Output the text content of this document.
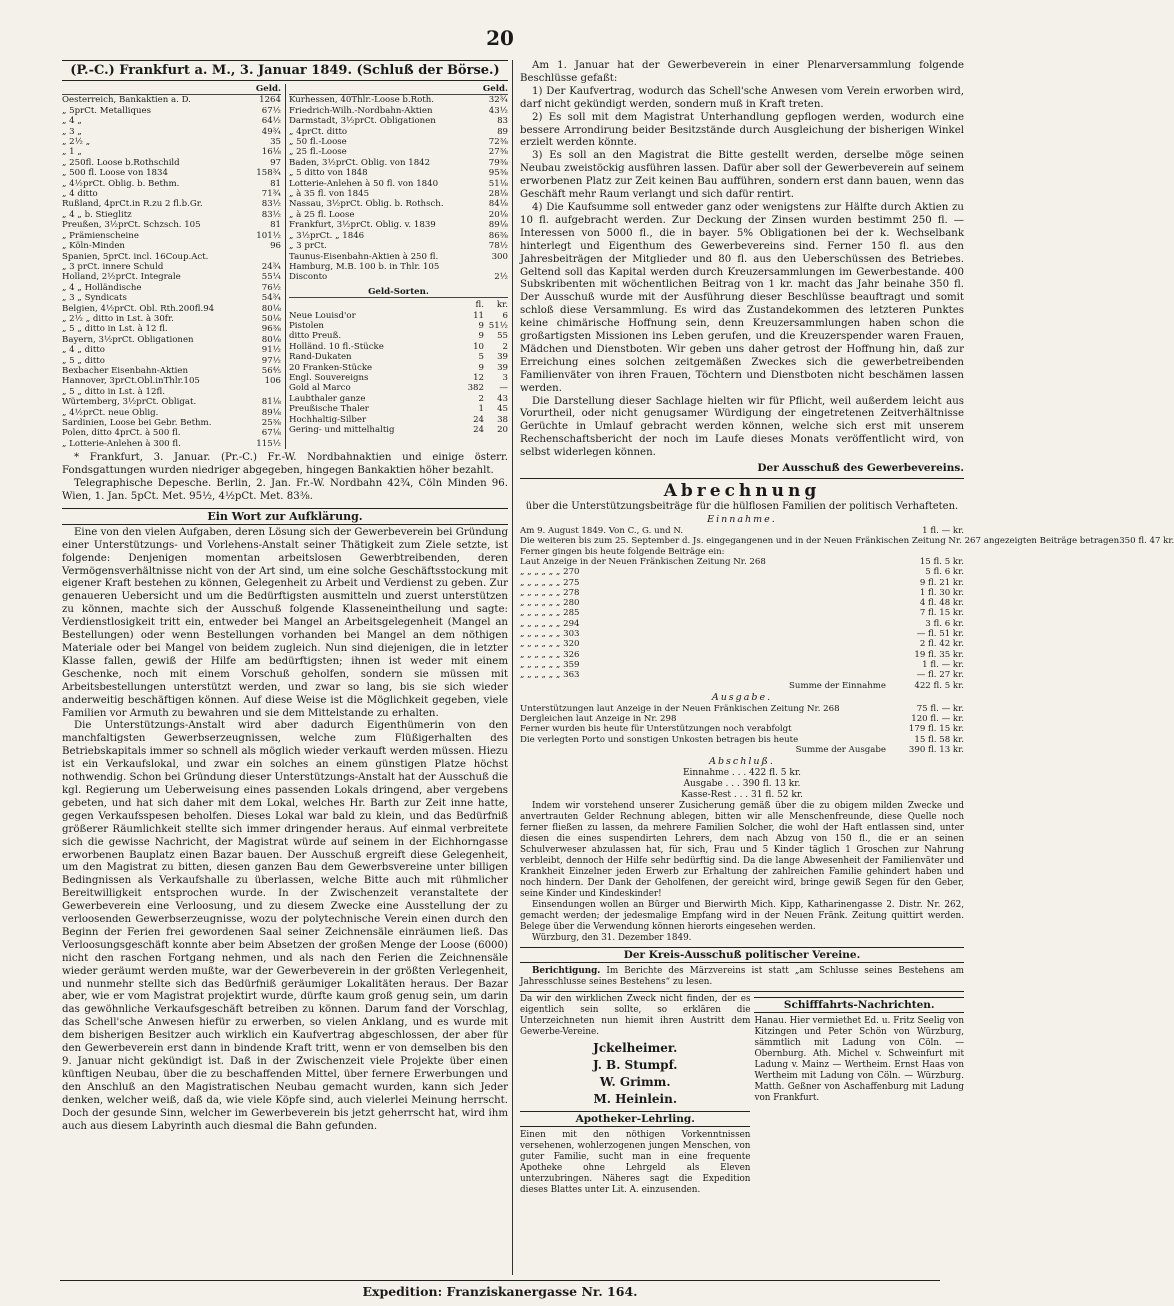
20
(P.-C.) Frankfurt a. M., 3. Januar 1849. (Schluß der Börse.)
Geld.
Oesterreich, Bankaktien a. D.	1264
„ 5prCt. Metalliques	67½
„ 4 „	64½
„ 3 „	49¾
„ 2½ „	35
„ 1 „	16⅛
„ 250fl. Loose b.Rothschild	97
„ 500 fl. Loose von 1834	158¾
„ 4½prCt. Oblig. b. Bethm.	81
„ 4 ditto	71¾
Rußland, 4prCt.in R.zu 2 fl.b.Gr.	83½
„ 4 „ b. Stieglitz	83½
Preußen, 3½prCt. Schzsch. 105	81
„ Prämienscheine	101½
„ Köln-Minden	96
Spanien, 5prCt. incl. 16Coup.Act.
„ 3 prCt. innere Schuld	24¾
Holland, 2½prCt. Integrale	55¼
„ 4 „ Holländische	76½
„ 3 „ Syndicats	54¾
Belgien, 4½prCt. Obl. Rth.200fl.94	80⅛
„ 2½ „ ditto in Lst. à 30fr.	50⅛
„ 5 „ ditto in Lst. à 12 fl.	96⅜
Bayern, 3½prCt. Obligationen	80⅛
„ 4 „ ditto	91½
„ 5 „ ditto	97½
Bexbacher Eisenbahn-Aktien	56⅘
Hannover, 3prCt.Obl.inThlr.105	106
„ 5 „ ditto in Lst. à 12fl.
Würtemberg, 3½prCt. Obligat.	81⅛
„ 4½prCt. neue Oblig.	89⅛
Sardinien, Loose bei Gebr. Bethm.	25⅜
Polen, ditto 4prCt. à 500 fl.	67⅛
„ Lotterie-Anlehen à 300 fl.	115½
Geld.
Kurhessen, 40Thlr.-Loose b.Roth.	32¾
Friedrich-Wilh.-Nordbahn-Aktien	43½
Darmstadt, 3½prCt. Obligationen	83
„ 4prCt. ditto	89
„ 50 fl.-Loose	72⅜
„ 25 fl.-Loose	27⅜
Baden, 3½prCt. Oblig. von 1842	79⅜
„ 5 ditto von 1848	95⅜
Lotterie-Anlehen à 50 fl. von 1840	51⅛
„ à 35 fl. von 1845	28⅛
Nassau, 3½prCt. Oblig. b. Rothsch.	84⅛
„ à 25 fl. Loose	20⅛
Frankfurt, 3½prCt. Oblig. v. 1839	89⅛
„ 3½prCt. „ 1846	86⅜
„ 3 prCt.	78½
Taunus-Eisenbahn-Aktien à 250 fl.	300
Hamburg, M.B. 100 b. in Thlr. 105
Disconto	2½
Geld-Sorten.
fl.	kr.
Neue Louisd'or	11	6
Pistolen	9 51½
ditto Preuß.	9	55
Holländ. 10 fl.-Stücke	10	2
Rand-Dukaten	5	39
20 Franken-Stücke	9	39
Engl. Souvereigns	12	3
Gold al Marco	382	—
Laubthaler ganze	2	43
Preußische Thaler	1	45
Hochhaltig-Silber	24	38
Gering- und mittelhaltig	24	20

* Frankfurt, 3. Januar. (Pr.-C.) Fr.-W. Nordbahnaktien und einige österr. Fondsgattungen wurden niedriger abgegeben, hingegen Bankaktien höher bezahlt.

Telegraphische Depesche. Berlin, 2. Jan. Fr.-W. Nordbahn 42¾, Cöln Minden 96. Wien, 1. Jan. 5pCt. Met. 95½, 4½pCt. Met. 83⅜.

Ein Wort zur Aufklärung.

Eine von den vielen Aufgaben, deren Lösung sich der Gewerbeverein bei Gründung einer Unterstützungs- und Vorlehens-Anstalt seiner Thätigkeit zum Ziele setzte, ist folgende: Denjenigen momentan arbeitslosen Gewerbtreibenden, deren Vermögensverhältnisse nicht von der Art sind, um eine solche Geschäftsstockung mit eigener Kraft bestehen zu können, Gelegenheit zu Arbeit und Verdienst zu geben. Zur genaueren Uebersicht und um die Bedürftigsten ausmitteln und zuerst unterstützen zu können, machte sich der Ausschuß folgende Klasseneintheilung und sagte: Verdienstlosigkeit tritt ein, entweder bei Mangel an Arbeitsgelegenheit (Mangel an Bestellungen) oder wenn Bestellungen vorhanden bei Mangel an dem nöthigen Materiale oder bei Mangel von beidem zugleich. Nun sind diejenigen, die in letzter Klasse fallen, gewiß der Hilfe am bedürftigsten; ihnen ist weder mit einem Geschenke, noch mit einem Vorschuß geholfen, sondern sie müssen mit Arbeitsbestellungen unterstützt werden, und zwar so lang, bis sie sich wieder anderweitig beschäftigen können. Auf diese Weise ist die Möglichkeit gegeben, viele Familien vor Armuth zu bewahren und sie dem Mittelstande zu erhalten.

Die Unterstützungs-Anstalt wird aber dadurch Eigenthümerin von den manchfaltigsten Gewerbserzeugnissen, welche zum Flüßigerhalten des Betriebskapitals immer so schnell als möglich wieder verkauft werden müssen. Hiezu ist ein Verkaufslokal, und zwar ein solches an einem günstigen Platze höchst nothwendig. Schon bei Gründung dieser Unterstützungs-Anstalt hat der Ausschuß die kgl. Regierung um Ueberweisung eines passenden Lokals dringend, aber vergebens gebeten, und hat sich daher mit dem Lokal, welches Hr. Barth zur Zeit inne hatte, gegen Verkaufsspesen beholfen. Dieses Lokal war bald zu klein, und das Bedürfniß größerer Räumlichkeit stellte sich immer dringender heraus. Auf einmal verbreitete sich die gewisse Nachricht, der Magistrat würde auf seinem in der Eichhorngasse erworbenen Bauplatz einen Bazar bauen. Der Ausschuß ergreift diese Gelegenheit, um den Magistrat zu bitten, diesen ganzen Bau dem Gewerbsvereine unter billigen Bedingnissen als Verkaufshalle zu überlassen, welche Bitte auch mit rühmlicher Bereitwilligkeit entsprochen wurde. In der Zwischenzeit veranstaltete der Gewerbeverein eine Verloosung, und zu diesem Zwecke eine Ausstellung der zu verloosenden Gewerbserzeugnisse, wozu der polytechnische Verein einen durch den Beginn der Ferien frei gewordenen Saal seiner Zeichnensäle einräumen ließ. Das Verloosungsgeschäft konnte aber beim Absetzen der großen Menge der Loose (6000) nicht den raschen Fortgang nehmen, und als nach den Ferien die Zeichnensäle wieder geräumt werden mußte, war der Gewerbeverein in der größten Verlegenheit, und nunmehr stellte sich das Bedürfniß geräumiger Lokalitäten heraus. Der Bazar aber, wie er vom Magistrat projektirt wurde, dürfte kaum groß genug sein, um darin das gewöhnliche Verkaufsgeschäft betreiben zu können. Darum fand der Vorschlag, das Schell'sche Anwesen hiefür zu erwerben, so vielen Anklang, und es wurde mit dem bisherigen Besitzer auch wirklich ein Kaufvertrag abgeschlossen, der aber für den Gewerbeverein erst dann in bindende Kraft tritt, wenn er von demselben bis den 9. Januar nicht gekündigt ist. Daß in der Zwischenzeit viele Projekte über einen künftigen Neubau, über die zu beschaffenden Mittel, über fernere Erwerbungen und den Anschluß an den Magistratischen Neubau gemacht wurden, kann sich Jeder denken, welcher weiß, daß da, wie viele Köpfe sind, auch vielerlei Meinung herrscht. Doch der gesunde Sinn, welcher im Gewerbeverein bis jetzt geherrscht hat, wird ihm auch aus diesem Labyrinth auch diesmal die Bahn gefunden.

Am 1. Januar hat der Gewerbeverein in einer Plenarversammlung folgende Beschlüsse gefaßt:

1) Der Kaufvertrag, wodurch das Schell'sche Anwesen vom Verein erworben wird, darf nicht gekündigt werden, sondern muß in Kraft treten.

2) Es soll mit dem Magistrat Unterhandlung gepflogen werden, wodurch eine bessere Arrondirung beider Besitzstände durch Ausgleichung der bisherigen Winkel erzielt werden könnte.

3) Es soll an den Magistrat die Bitte gestellt werden, derselbe möge seinen Neubau zweistöckig ausführen lassen. Dafür aber soll der Gewerbeverein auf seinem erworbenen Platz zur Zeit keinen Bau aufführen, sondern erst dann bauen, wenn das Geschäft mehr Raum verlangt und sich dafür rentirt.

4) Die Kaufsumme soll entweder ganz oder wenigstens zur Hälfte durch Aktien zu 10 fl. aufgebracht werden. Zur Deckung der Zinsen wurden bestimmt 250 fl. — Interessen von 5000 fl., die in bayer. 5% Obligationen bei der k. Wechselbank hinterlegt und Eigenthum des Gewerbevereins sind. Ferner 150 fl. aus den Jahresbeiträgen der Mitglieder und 80 fl. aus den Ueberschüssen des Betriebes. Geltend soll das Kapital werden durch Kreuzersammlungen im Gewerbestande. 400 Subskribenten mit wöchentlichen Beitrag von 1 kr. macht das Jahr beinahe 350 fl. Der Ausschuß wurde mit der Ausführung dieser Beschlüsse beauftragt und somit schloß diese Versammlung. Es wird das Zustandekommen des letzteren Punktes keine chimärische Hoffnung sein, denn Kreuzersammlungen haben schon die großartigsten Missionen ins Leben gerufen, und die Kreuzerspender waren Frauen, Mädchen und Dienstboten. Wir geben uns daher getrost der Hoffnung hin, daß zur Erreichung eines solchen zeitgemäßen Zweckes sich die gewerbetreibenden Familienväter von ihren Frauen, Töchtern und Dienstboten nicht beschämen lassen werden.

Die Darstellung dieser Sachlage hielten wir für Pflicht, weil außerdem leicht aus Vorurtheil, oder nicht genugsamer Würdigung der eingetretenen Zeitverhältnisse Gerüchte in Umlauf gebracht werden können, welche sich erst mit unserem Rechenschaftsbericht der noch im Laufe dieses Monats veröffentlicht wird, von selbst widerlegen können.

Der Ausschuß des Gewerbevereins.
Abrechnung
über die Unterstützungsbeiträge für die hülflosen Familien der politisch Verhafteten.
Einnahme.
Am 9. August 1849. Von C., G. und N.	1 fl. — kr.
Die weiteren bis zum 25. September d. Js. eingegangenen und in der Neuen Fränkischen Zeitung Nr. 267 angezeigten Beiträge betragen 350 fl. 47 kr.
Ferner gingen bis heute folgende Beiträge ein:
Laut Anzeige in der Neuen Fränkischen Zeitung Nr. 268	15 fl. 5 kr.
„ „ „ „ „ „ 270	5 fl. 6 kr.
„ „ „ „ „ „ 275	9 fl. 21 kr.
„ „ „ „ „ „ 278	1 fl. 30 kr.
„ „ „ „ „ „ 280	4 fl. 48 kr.
„ „ „ „ „ „ 285	7 fl. 15 kr.
„ „ „ „ „ „ 294	3 fl. 6 kr.
„ „ „ „ „ „ 303	— fl. 51 kr.
„ „ „ „ „ „ 320	2 fl. 42 kr.
„ „ „ „ „ „ 326	19 fl. 35 kr.
„ „ „ „ „ „ 359	1 fl. — kr.
„ „ „ „ „ „ 363	— fl. 27 kr.
Summe der Einnahme	422 fl. 5 kr.
Ausgabe.
Unterstützungen laut Anzeige in der Neuen Fränkischen Zeitung Nr. 268	75 fl. — kr.
Dergleichen laut Anzeige in Nr. 298	120 fl. — kr.
Ferner wurden bis heute für Unterstützungen noch verabfolgt	179 fl. 15 kr.
Die verlegten Porto und sonstigen Unkosten betragen bis heute	15 fl. 58 kr.
Summe der Ausgabe	390 fl. 13 kr.
Abschluß.
Einnahme . . . 422 fl. 5 kr.
Ausgabe . . . 390 fl. 13 kr.
Kasse-Rest . . . 31 fl. 52 kr.

Indem wir vorstehend unserer Zusicherung gemäß über die zu obigem milden Zwecke und anvertrauten Gelder Rechnung ablegen, bitten wir alle Menschenfreunde, diese Quelle noch ferner fließen zu lassen, da mehrere Familien Solcher, die wohl der Haft entlassen sind, unter diesen die eines suspendirten Lehrers, dem nach Abzug von 150 fl., die er an seinen Schulverweser abzulassen hat, für sich, Frau und 5 Kinder täglich 1 Groschen zur Nahrung verbleibt, dennoch der Hilfe sehr bedürftig sind. Da die lange Abwesenheit der Familienväter und Krankheit Einzelner jeden Erwerb zur Erhaltung der zahlreichen Familie gehindert haben und noch hindern. Der Dank der Geholfenen, der gereicht wird, bringe gewiß Segen für den Geber, seine Kinder und Kindeskinder!

Einsendungen wollen an Bürger und Bierwirth Mich. Kipp, Katharinengasse 2. Distr. Nr. 262, gemacht werden; der jedesmalige Empfang wird in der Neuen Fränk. Zeitung quittirt werden. Belege über die Verwendung können hierorts eingesehen werden.

Würzburg, den 31. Dezember 1849.

Der Kreis-Ausschuß politischer Vereine.

Berichtigung. Im Berichte des Märzvereins ist statt „am Schlusse seines Bestehens am Jahresschlusse seines Bestehens“ zu lesen.

Da wir den wirklichen Zweck nicht finden, der es eigentlich sein sollte, so erklären die Unterzeichneten nun hiemit ihren Austritt dem Gewerbe-Vereine.

Jckelheimer.
J. B. Stumpf.
W. Grimm.
M. Heinlein.
Apotheker-Lehrling.

Einen mit den nöthigen Vorkenntnissen versehenen, wohlerzogenen jungen Menschen, von guter Familie, sucht man in eine frequente Apotheke ohne Lehrgeld als Eleven unterzubringen. Näheres sagt die Expedition dieses Blattes unter Lit. A. einzusenden.

Schifffahrts-Nachrichten.

Hanau. Hier vermiethet Ed. u. Fritz Seelig von Kitzingen und Peter Schön von Würzburg, sämmtlich mit Ladung von Cöln. — Obernburg. Ath. Michel v. Schweinfurt mit Ladung v. Mainz — Wertheim. Ernst Haas von Wertheim mit Ladung von Cöln. — Würzburg. Matth. Geßner von Aschaffenburg mit Ladung von Frankfurt.

Expedition: Franziskanergasse Nr. 164.
